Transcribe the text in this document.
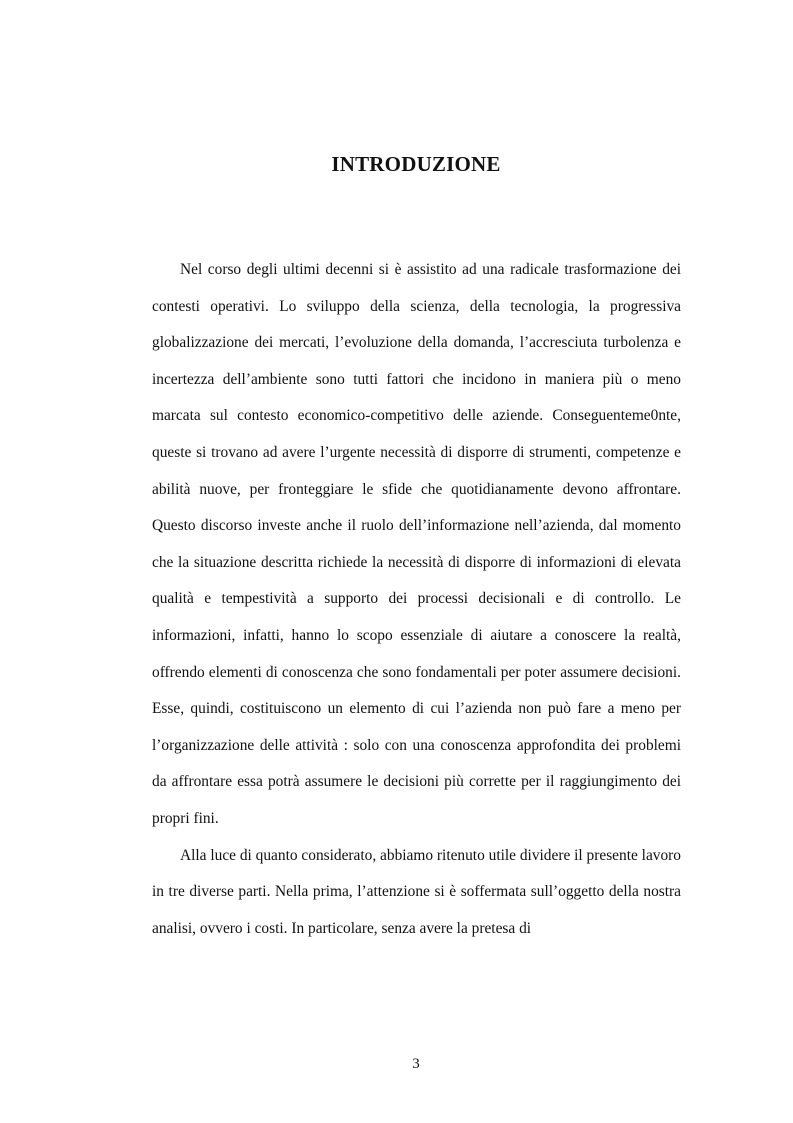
INTRODUZIONE

Nel corso degli ultimi decenni si è assistito ad una radicale trasformazione dei contesti operativi. Lo sviluppo della scienza, della tecnologia, la progressiva globalizzazione dei mercati, l’evoluzione della domanda, l’accresciuta turbolenza e incertezza dell’ambiente sono tutti fattori che incidono in maniera più o meno marcata sul contesto economico-competitivo delle aziende. Conseguenteme0nte, queste si trovano ad avere l’urgente necessità di disporre di strumenti, competenze e abilità nuove, per fronteggiare le sfide che quotidianamente devono affrontare. Questo discorso investe anche il ruolo dell’informazione nell’azienda, dal momento che la situazione descritta richiede la necessità di disporre di informazioni di elevata qualità e tempestività a supporto dei processi decisionali e di controllo. Le informazioni, infatti, hanno lo scopo essenziale di aiutare a conoscere la realtà, offrendo elementi di conoscenza che sono fondamentali per poter assumere decisioni. Esse, quindi, costituiscono un elemento di cui l’azienda non può fare a meno per l’organizzazione delle attività : solo con una conoscenza approfondita dei problemi da affrontare essa potrà assumere le decisioni più corrette per il raggiungimento dei propri fini.

Alla luce di quanto considerato, abbiamo ritenuto utile dividere il presente lavoro in tre diverse parti. Nella prima, l’attenzione si è soffermata sull’oggetto della nostra analisi, ovvero i costi. In particolare, senza avere la pretesa di

3
